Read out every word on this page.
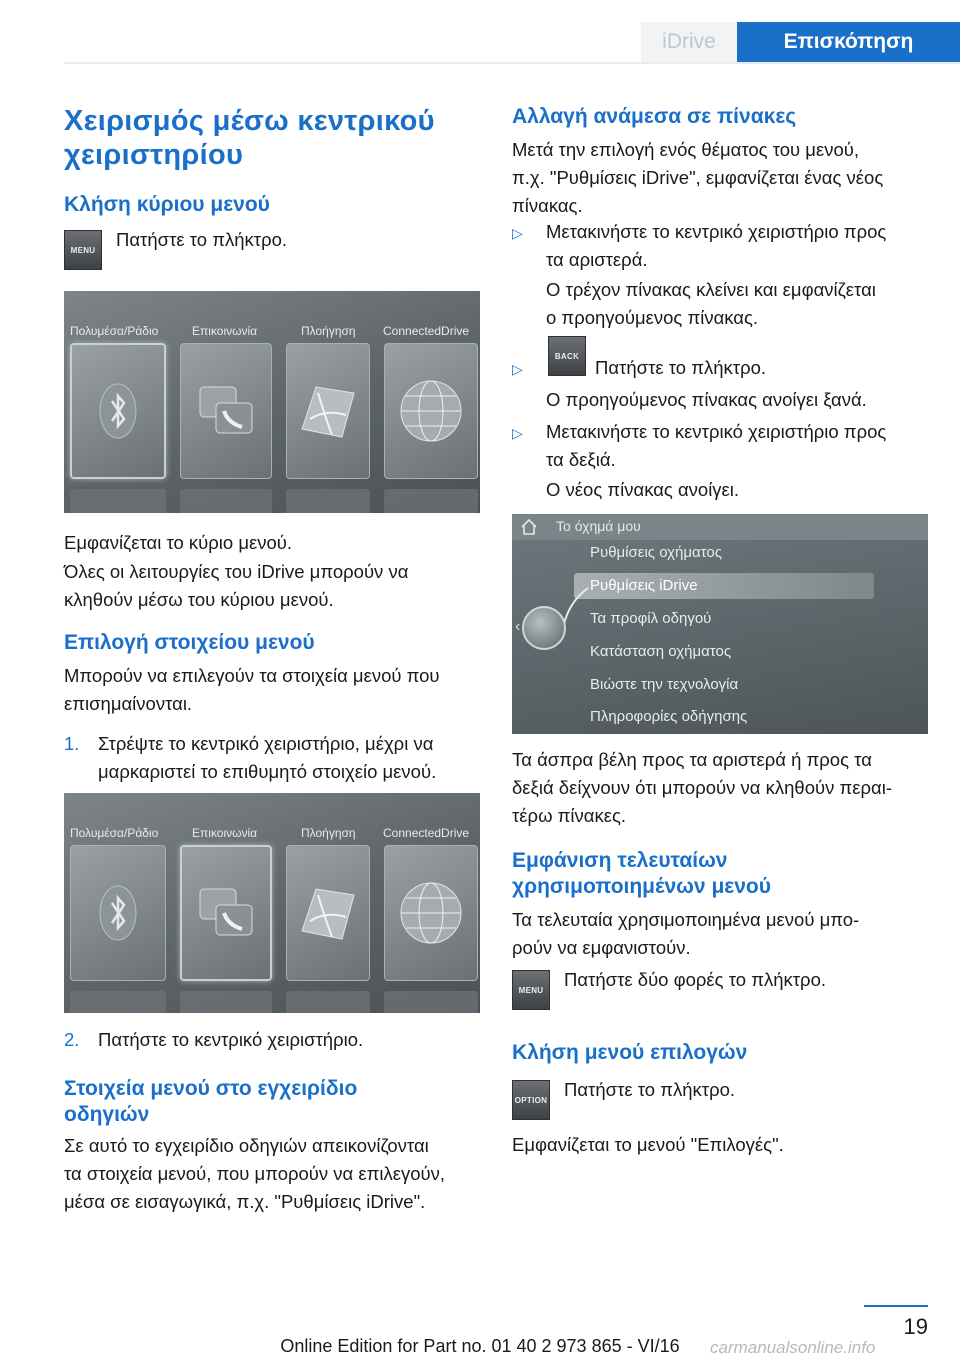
iDrive	Επισκόπηση
Χειρισμός μέσω κεντρικού
χειριστηρίου
Κλήση κύριου μενού
MENU

Πατήστε το πλήκτρο.

Πολυμέσα/Ράδιο	Επικοινωνία	Πλοήγηση ConnectedDrive

Εμφανίζεται το κύριο μενού.

Όλες οι λειτουργίες του iDrive μπορούν να

κληθούν μέσω του κύριου μενού.

Επιλογή στοιχείου μενού

Μπορούν να επιλεγούν τα στοιχεία μενού που

επισημαίνονται.

1. Στρέψτε το κεντρικό χειριστήριο, μέχρι να

μαρκαριστεί το επιθυμητό στοιχείο μενού.

Πολυμέσα/Ράδιο	Επικοινωνία	Πλοήγηση ConnectedDrive
2. Πατήστε το κεντρικό χειριστήριο.

Στοιχεία μενού στο εγχειρίδιο
οδηγιών

Σε αυτό το εγχειρίδιο οδηγιών απεικονίζονται

τα στοιχεία μενού, που μπορούν να επιλεγούν,

μέσα σε εισαγωγικά, π.χ. "Ρυθμίσεις iDrive".

Αλλαγή ανάμεσα σε πίνακες

Μετά την επιλογή ενός θέματος του μενού,

π.χ. "Ρυθμίσεις iDrive", εμφανίζεται ένας νέος

πίνακας.

▷ Μετακινήστε το κεντρικό χειριστήριο προς

τα αριστερά.

Ο τρέχον πίνακας κλείνει και εμφανίζεται

ο προηγούμενος πίνακας.

▷
BACK

Πατήστε το πλήκτρο.

Ο προηγούμενος πίνακας ανοίγει ξανά.

▷ Μετακινήστε το κεντρικό χειριστήριο προς

τα δεξιά.

Ο νέος πίνακας ανοίγει.

Το όχημά μου
Ρυθμίσεις οχήματος
Ρυθμίσεις iDrive
Τα προφίλ οδηγού
Κατάσταση οχήματος
Βιώστε την τεχνολογία
Πληροφορίες οδήγησης
‹

Τα άσπρα βέλη προς τα αριστερά ή προς τα

δεξιά δείχνουν ότι μπορούν να κληθούν περαι-

τέρω πίνακες.

Εμφάνιση τελευταίων
χρησιμοποιημένων μενού

Τα τελευταία χρησιμοποιημένα μενού μπο-

ρούν να εμφανιστούν.

MENU

Πατήστε δύο φορές το πλήκτρο.

Κλήση μενού επιλογών
OPTION

Πατήστε το πλήκτρο.

Εμφανίζεται το μενού "Επιλογές".

19
Online Edition for Part no. 01 40 2 973 865 - VI/16	carmanualsonline.info
